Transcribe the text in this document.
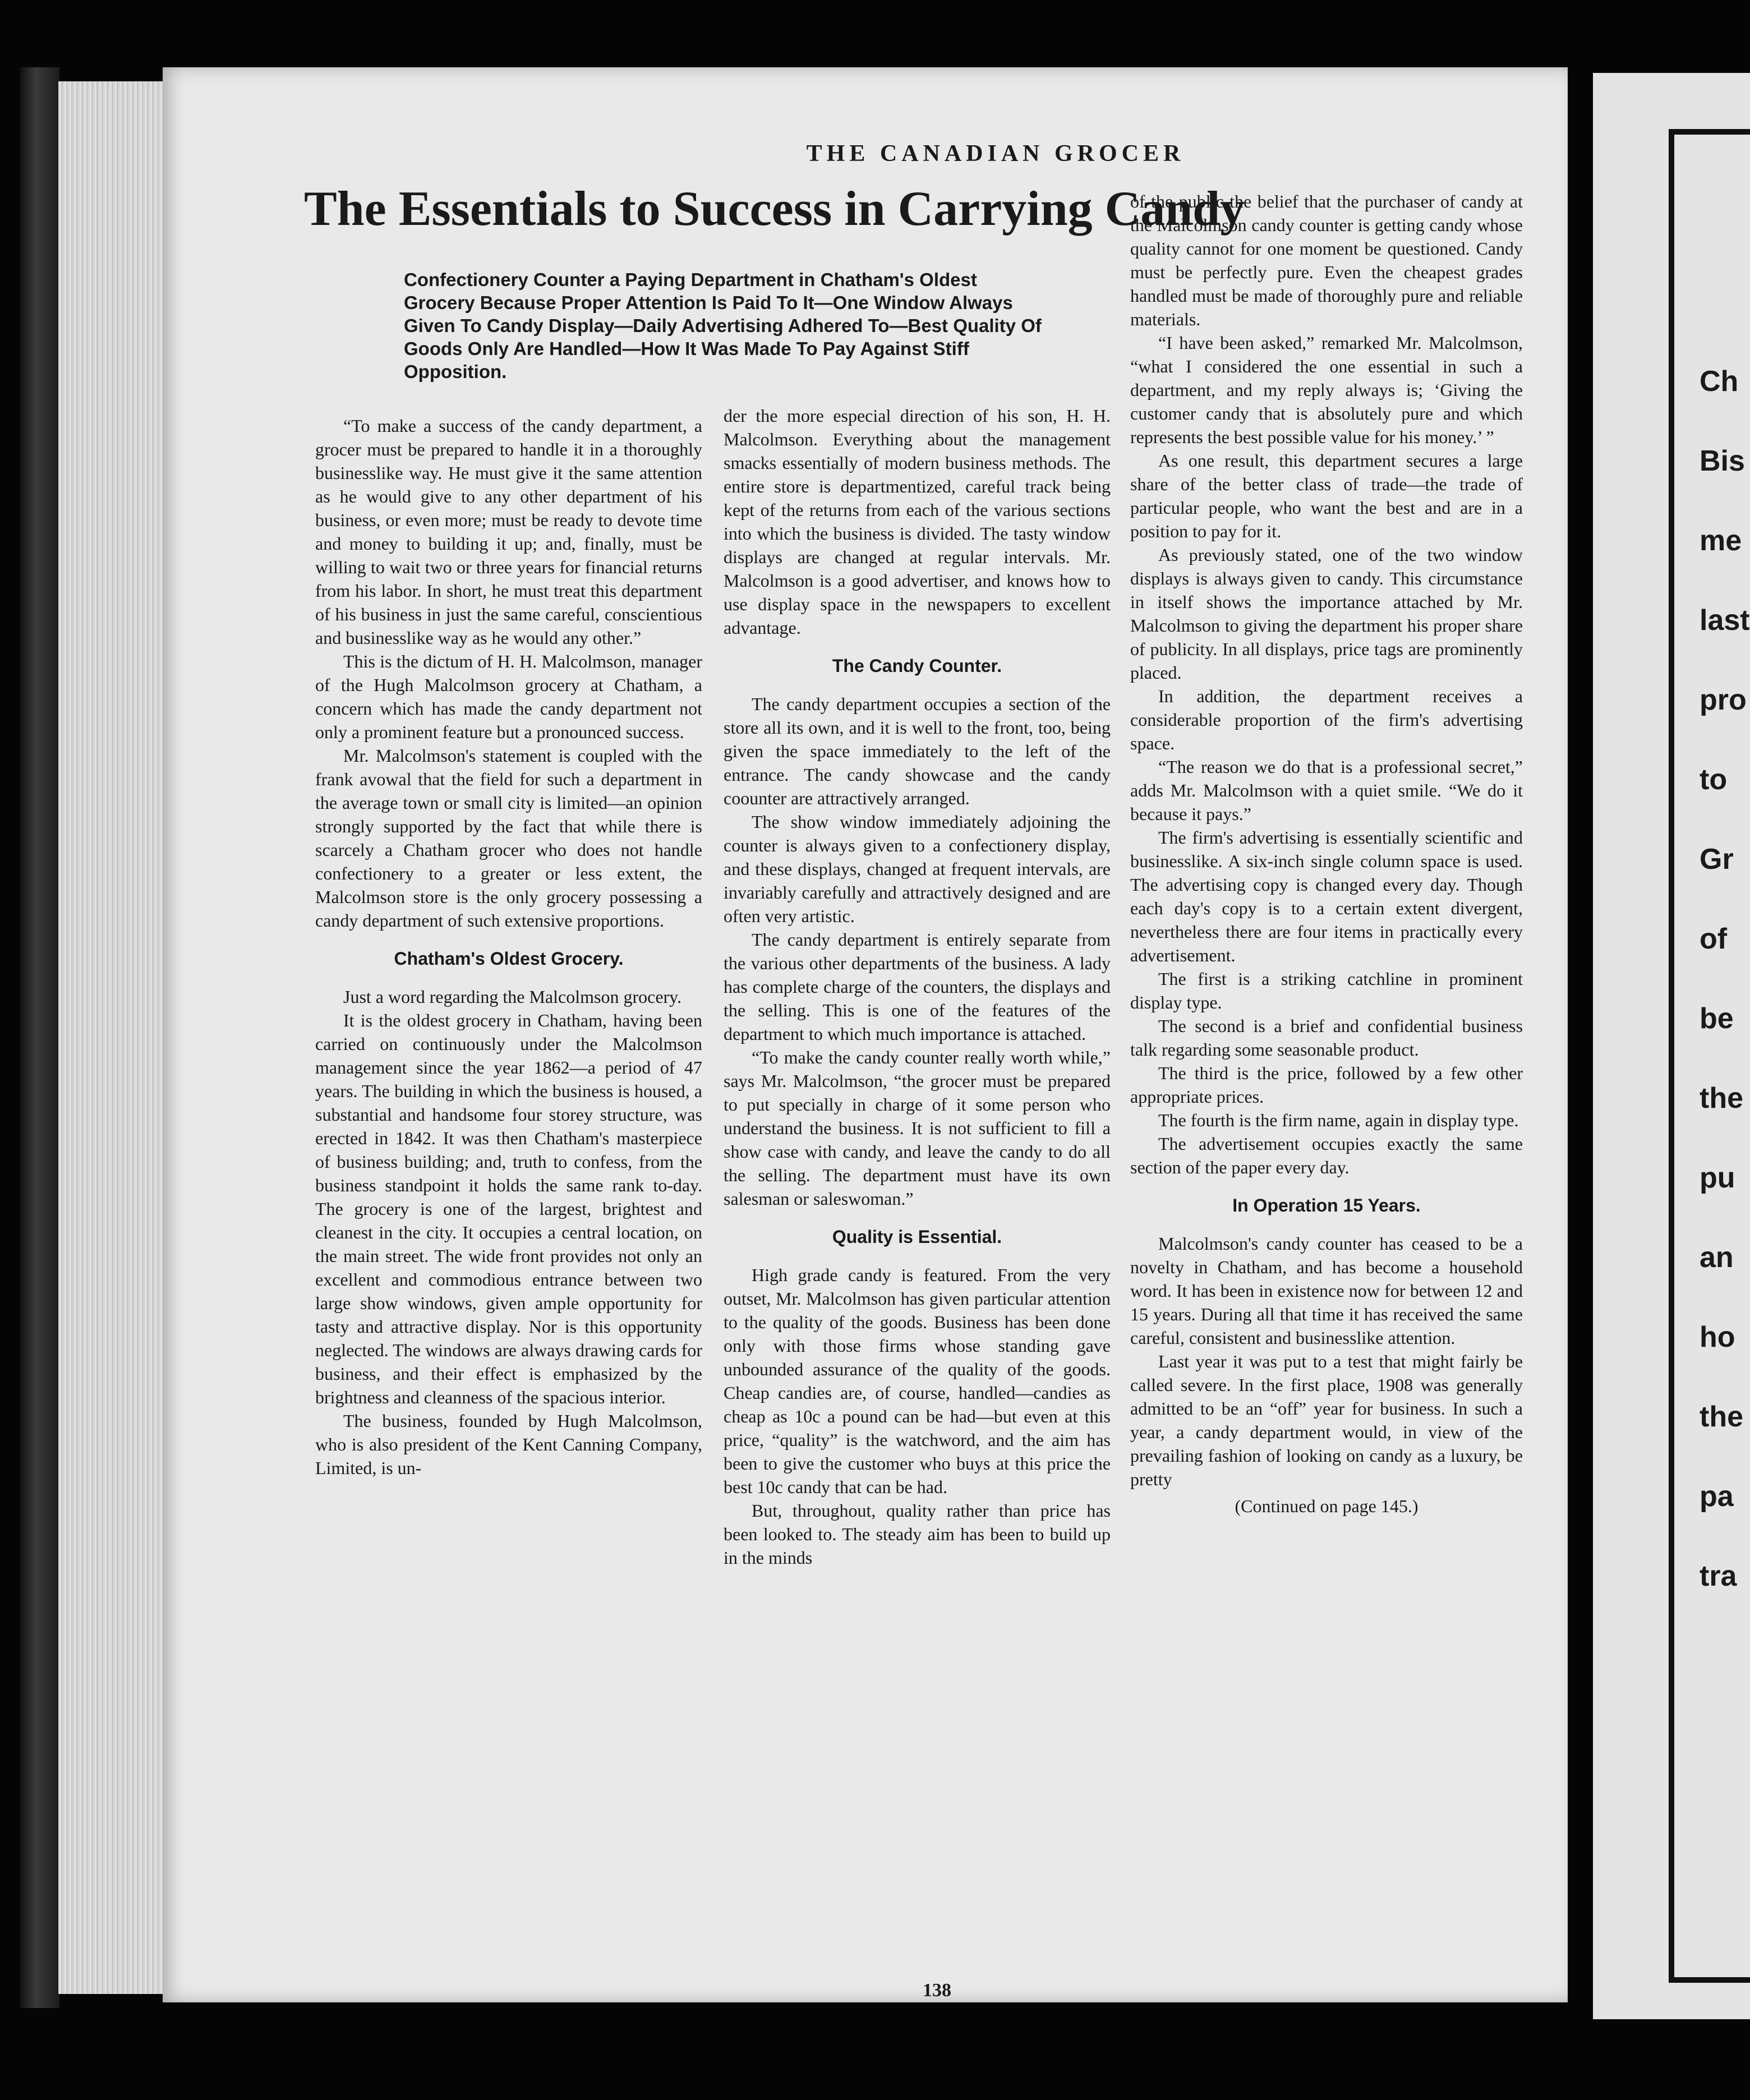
THE CANADIAN GROCER
The Essentials to Success in Carrying Candy
Confectionery Counter a Paying Department in Chatham's Oldest Grocery Because Proper Attention Is Paid To It—One Window Always Given To Candy Display—Daily Advertising Adhered To—Best Quality Of Goods Only Are Handled—How It Was Made To Pay Against Stiff Opposition.

“To make a success of the candy department, a grocer must be prepared to handle it in a thoroughly businesslike way. He must give it the same attention as he would give to any other department of his business, or even more; must be ready to devote time and money to building it up; and, finally, must be willing to wait two or three years for financial returns from his labor. In short, he must treat this department of his business in just the same careful, conscientious and businesslike way as he would any other.”

This is the dictum of H. H. Malcolmson, manager of the Hugh Malcolmson grocery at Chatham, a concern which has made the candy department not only a prominent feature but a pronounced success.

Mr. Malcolmson's statement is coupled with the frank avowal that the field for such a department in the average town or small city is limited—an opinion strongly supported by the fact that while there is scarcely a Chatham grocer who does not handle confectionery to a greater or less extent, the Malcolmson store is the only grocery possessing a candy department of such extensive proportions.

Chatham's Oldest Grocery.

Just a word regarding the Malcolmson grocery.

It is the oldest grocery in Chatham, having been carried on continuously under the Malcolmson management since the year 1862—a period of 47 years. The building in which the business is housed, a substantial and handsome four storey structure, was erected in 1842. It was then Chatham's masterpiece of business building; and, truth to confess, from the business standpoint it holds the same rank to-day. The grocery is one of the largest, brightest and cleanest in the city. It occupies a central location, on the main street. The wide front provides not only an excellent and commodious entrance between two large show windows, given ample opportunity for tasty and attractive display. Nor is this opportunity neglected. The windows are always drawing cards for business, and their effect is emphasized by the brightness and cleanness of the spacious interior.

The business, founded by Hugh Malcolmson, who is also president of the Kent Canning Company, Limited, is un-

der the more especial direction of his son, H. H. Malcolmson. Everything about the management smacks essentially of modern business methods. The entire store is departmentized, careful track being kept of the returns from each of the various sections into which the business is divided. The tasty window displays are changed at regular intervals. Mr. Malcolmson is a good advertiser, and knows how to use display space in the newspapers to excellent advantage.

The Candy Counter.

The candy department occupies a section of the store all its own, and it is well to the front, too, being given the space immediately to the left of the entrance. The candy showcase and the candy coounter are attractively arranged.

The show window immediately adjoining the counter is always given to a confectionery display, and these displays, changed at frequent intervals, are invariably carefully and attractively designed and are often very artistic.

The candy department is entirely separate from the various other departments of the business. A lady has complete charge of the counters, the displays and the selling. This is one of the features of the department to which much importance is attached.

“To make the candy counter really worth while,” says Mr. Malcolmson, “the grocer must be prepared to put specially in charge of it some person who understand the business. It is not sufficient to fill a show case with candy, and leave the candy to do all the selling. The department must have its own salesman or saleswoman.”

Quality is Essential.

High grade candy is featured. From the very outset, Mr. Malcolmson has given particular attention to the quality of the goods. Business has been done only with those firms whose standing gave unbounded assurance of the quality of the goods. Cheap candies are, of course, handled—candies as cheap as 10c a pound can be had—but even at this price, “quality” is the watchword, and the aim has been to give the customer who buys at this price the best 10c candy that can be had.

But, throughout, quality rather than price has been looked to. The steady aim has been to build up in the minds

of the public the belief that the purchaser of candy at the Malcolmson candy counter is getting candy whose quality cannot for one moment be questioned. Candy must be perfectly pure. Even the cheapest grades handled must be made of thoroughly pure and reliable materials.

“I have been asked,” remarked Mr. Malcolmson, “what I considered the one essential in such a department, and my reply always is; ‘Giving the customer candy that is absolutely pure and which represents the best possible value for his money.’ ”

As one result, this department secures a large share of the better class of trade—the trade of particular people, who want the best and are in a position to pay for it.

As previously stated, one of the two window displays is always given to candy. This circumstance in itself shows the importance attached by Mr. Malcolmson to giving the department his proper share of publicity. In all displays, price tags are prominently placed.

In addition, the department receives a considerable proportion of the firm's advertising space.

“The reason we do that is a professional secret,” adds Mr. Malcolmson with a quiet smile. “We do it because it pays.”

The firm's advertising is essentially scientific and businesslike. A six-inch single column space is used. The advertising copy is changed every day. Though each day's copy is to a certain extent divergent, nevertheless there are four items in practically every advertisement.

The first is a striking catchline in prominent display type.

The second is a brief and confidential business talk regarding some seasonable product.

The third is the price, followed by a few other appropriate prices.

The fourth is the firm name, again in display type.

The advertisement occupies exactly the same section of the paper every day.

In Operation 15 Years.

Malcolmson's candy counter has ceased to be a novelty in Chatham, and has become a household word. It has been in existence now for between 12 and 15 years. During all that time it has received the same careful, consistent and businesslike attention.

Last year it was put to a test that might fairly be called severe. In the first place, 1908 was generally admitted to be an “off” year for business. In such a year, a candy department would, in view of the prevailing fashion of looking on candy as a luxury, be pretty

(Continued on page 145.)
138
Ch
Bis
me
last
pro
to
Gr
of
be
the
pu
an
ho
the
pa
tra
